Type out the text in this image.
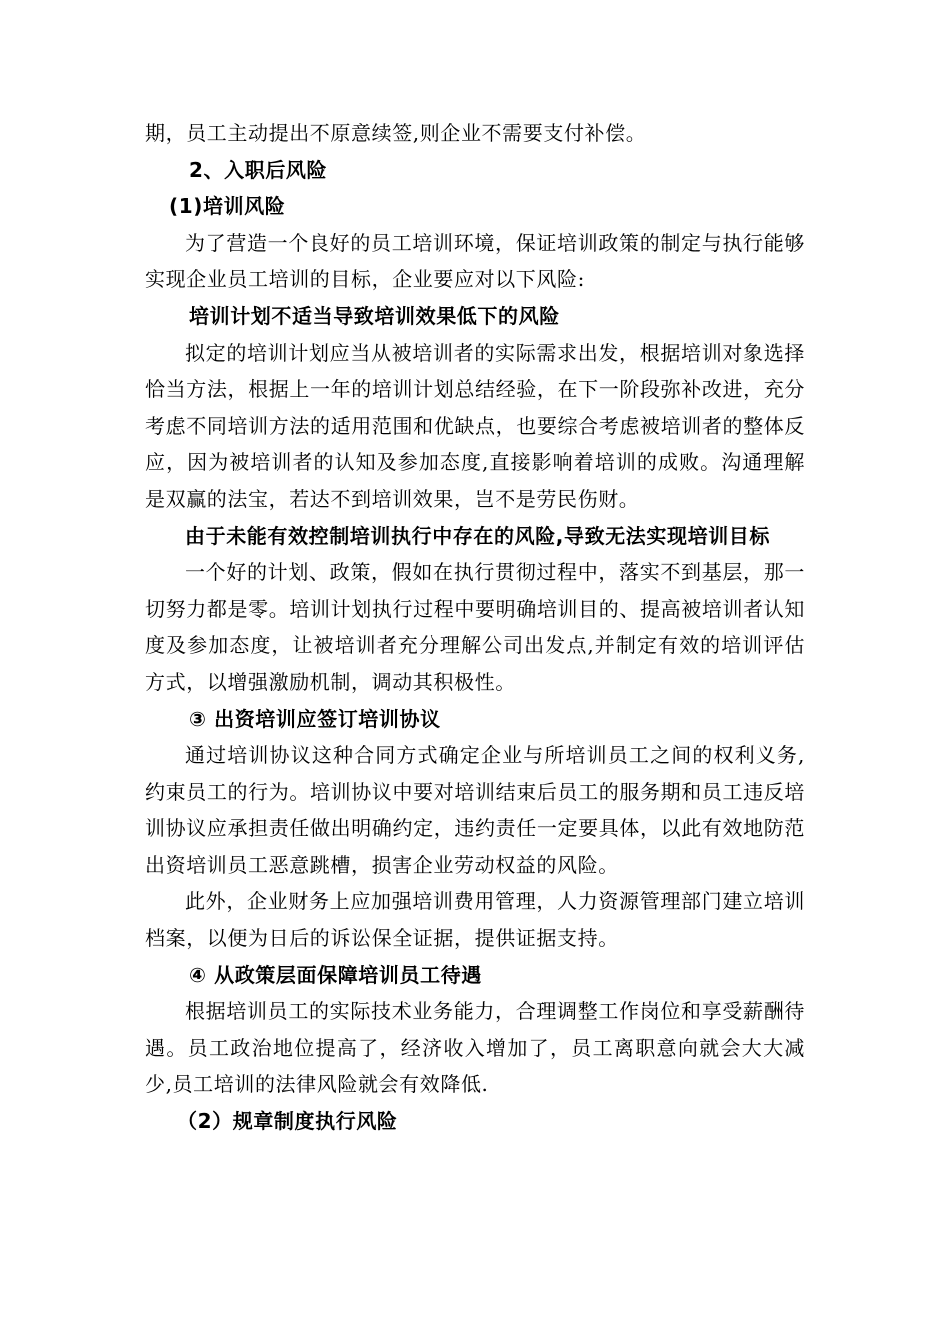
期，员工主动提出不原意续签,则企业不需要支付补偿。

2、入职后风险

(1)培训风险

为了营造一个良好的员工培训环境，保证培训政策的制定与执行能够实现企业员工培训的目标，企业要应对以下风险:

培训计划不适当导致培训效果低下的风险

拟定的培训计划应当从被培训者的实际需求出发，根据培训对象选择恰当方法，根据上一年的培训计划总结经验，在下一阶段弥补改进，充分考虑不同培训方法的适用范围和优缺点，也要综合考虑被培训者的整体反应，因为被培训者的认知及参加态度,直接影响着培训的成败。沟通理解是双赢的法宝，若达不到培训效果，岂不是劳民伤财。

由于未能有效控制培训执行中存在的风险,导致无法实现培训目标

一个好的计划、政策，假如在执行贯彻过程中，落实不到基层，那一切努力都是零。培训计划执行过程中要明确培训目的、提高被培训者认知度及参加态度，让被培训者充分理解公司出发点,并制定有效的培训评估方式，以增强激励机制，调动其积极性。

③ 出资培训应签订培训协议

通过培训协议这种合同方式确定企业与所培训员工之间的权利义务,约束员工的行为。培训协议中要对培训结束后员工的服务期和员工违反培训协议应承担责任做出明确约定，违约责任一定要具体，以此有效地防范出资培训员工恶意跳槽，损害企业劳动权益的风险。

此外，企业财务上应加强培训费用管理，人力资源管理部门建立培训档案，以便为日后的诉讼保全证据，提供证据支持。

④ 从政策层面保障培训员工待遇

根据培训员工的实际技术业务能力，合理调整工作岗位和享受薪酬待遇。员工政治地位提高了，经济收入增加了，员工离职意向就会大大减少,员工培训的法律风险就会有效降低.

（2）规章制度执行风险
